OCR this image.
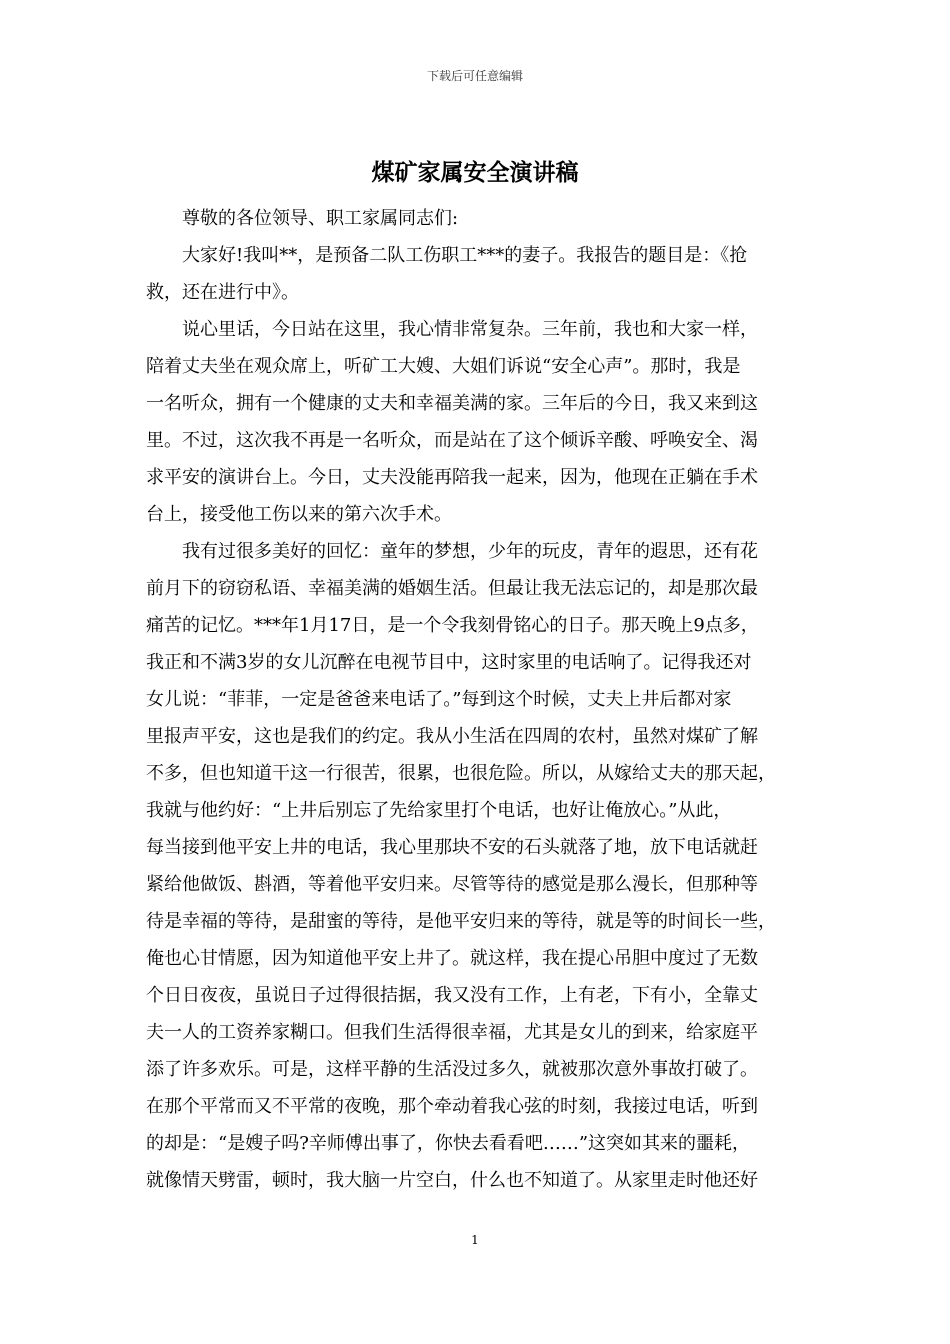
下载后可任意编辑
煤矿家属安全演讲稿
尊敬的各位领导、职工家属同志们:
大家好!我叫**，是预备二队工伤职工***的妻子。我报告的题目是：《抢
救，还在进行中》。
说心里话，今日站在这里，我心情非常复杂。三年前，我也和大家一样，
陪着丈夫坐在观众席上，听矿工大嫂、大姐们诉说“安全心声”。那时，我是
一名听众，拥有一个健康的丈夫和幸福美满的家。三年后的今日，我又来到这
里。不过，这次我不再是一名听众，而是站在了这个倾诉辛酸、呼唤安全、渴
求平安的演讲台上。今日，丈夫没能再陪我一起来，因为，他现在正躺在手术
台上，接受他工伤以来的第六次手术。
我有过很多美好的回忆：童年的梦想，少年的玩皮，青年的遐思，还有花
前月下的窃窃私语、幸福美满的婚姻生活。但最让我无法忘记的，却是那次最
痛苦的记忆。***年1月17日，是一个令我刻骨铭心的日子。那天晚上9点多，
我正和不满3岁的女儿沉醉在电视节目中，这时家里的电话响了。记得我还对
女儿说：“菲菲，一定是爸爸来电话了。”每到这个时候，丈夫上井后都对家
里报声平安，这也是我们的约定。我从小生活在四周的农村，虽然对煤矿了解
不多，但也知道干这一行很苦，很累，也很危险。所以，从嫁给丈夫的那天起，
我就与他约好：“上井后别忘了先给家里打个电话，也好让俺放心。”从此，
每当接到他平安上井的电话，我心里那块不安的石头就落了地，放下电话就赶
紧给他做饭、斟酒，等着他平安归来。尽管等待的感觉是那么漫长，但那种等
待是幸福的等待，是甜蜜的等待，是他平安归来的等待，就是等的时间长一些，
俺也心甘情愿，因为知道他平安上井了。就这样，我在提心吊胆中度过了无数
个日日夜夜，虽说日子过得很拮据，我又没有工作，上有老，下有小，全靠丈
夫一人的工资养家糊口。但我们生活得很幸福，尤其是女儿的到来，给家庭平
添了许多欢乐。可是，这样平静的生活没过多久，就被那次意外事故打破了。
在那个平常而又不平常的夜晚，那个牵动着我心弦的时刻，我接过电话，听到
的却是：“是嫂子吗?辛师傅出事了，你快去看看吧……”这突如其来的噩耗，
就像情天劈雷，顿时，我大脑一片空白，什么也不知道了。从家里走时他还好
1
